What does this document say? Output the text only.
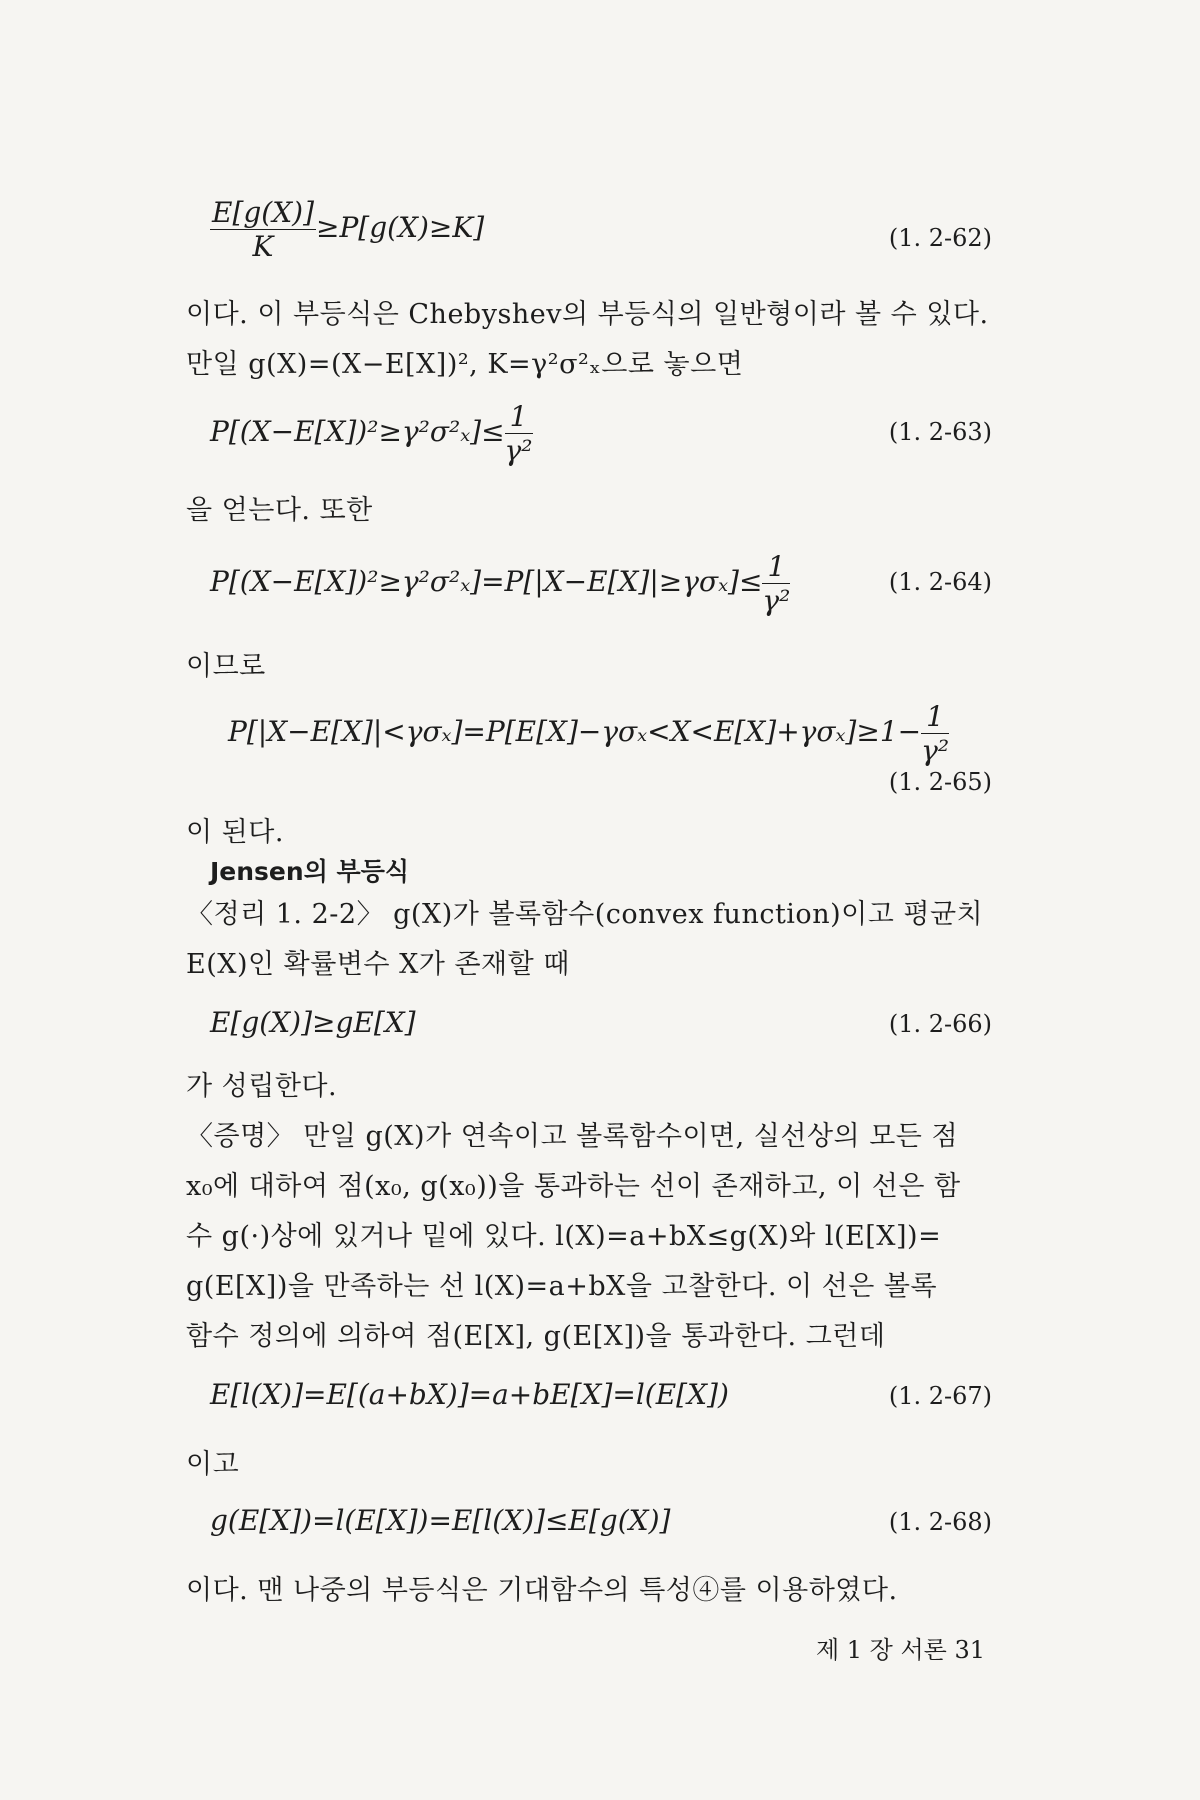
$\frac{E[g(X)]}{K} \ge P[g(X)\ge K]$	(1. 2-62)
이다. 이 부등식은 Chebyshev의 부등식의 일반형이라 볼 수 있다.
만일 g(X)=(X−E[X])², K=γ²σ²ₓ으로 놓으면
$P[(X-E[X])^2\ge\gamma^2\sigma^2_x]\le \frac{1}{\text{γ²}}$	(1. 2-63)
을 얻는다. 또한
$P[(X-E[X])^2\ge\gamma^2\sigma^2_x]=P[|X-E[X]|\ge\gamma\sigma_x]\le \frac{1}{\text{γ²}}$	(1. 2-64)
이므로
$P[|X-E[X]|<\gamma\sigma_x]=P[E[X]-\gamma\sigma_x<X<E[X]+\gamma\sigma_x]\ge 1- \frac{1}{\text{γ²}}$
(1. 2-65)
이 된다.
Jensen의 부등식
〈정리 1. 2-2〉 g(X)가 볼록함수(convex function)이고 평균치
E(X)인 확률변수 X가 존재할 때
E[g(X)]≥gE[X]	(1. 2-66)
가 성립한다.
〈증명〉 만일 g(X)가 연속이고 볼록함수이면, 실선상의 모든 점
x₀에 대하여 점(x₀, g(x₀))을 통과하는 선이 존재하고, 이 선은 함
수 g(·)상에 있거나 밑에 있다. l(X)=a+bX≤g(X)와 l(E[X])=
g(E[X])을 만족하는 선 l(X)=a+bX을 고찰한다. 이 선은 볼록
함수 정의에 의하여 점(E[X], g(E[X])을 통과한다. 그런데
E[l(X)]=E[(a+bX)]=a+bE[X]=l(E[X])	(1. 2-67)
이고
g(E[X])=l(E[X])=E[l(X)]≤E[g(X)]	(1. 2-68)
이다. 맨 나중의 부등식은 기대함수의 특성④를 이용하였다.
제 1 장 서론 31
